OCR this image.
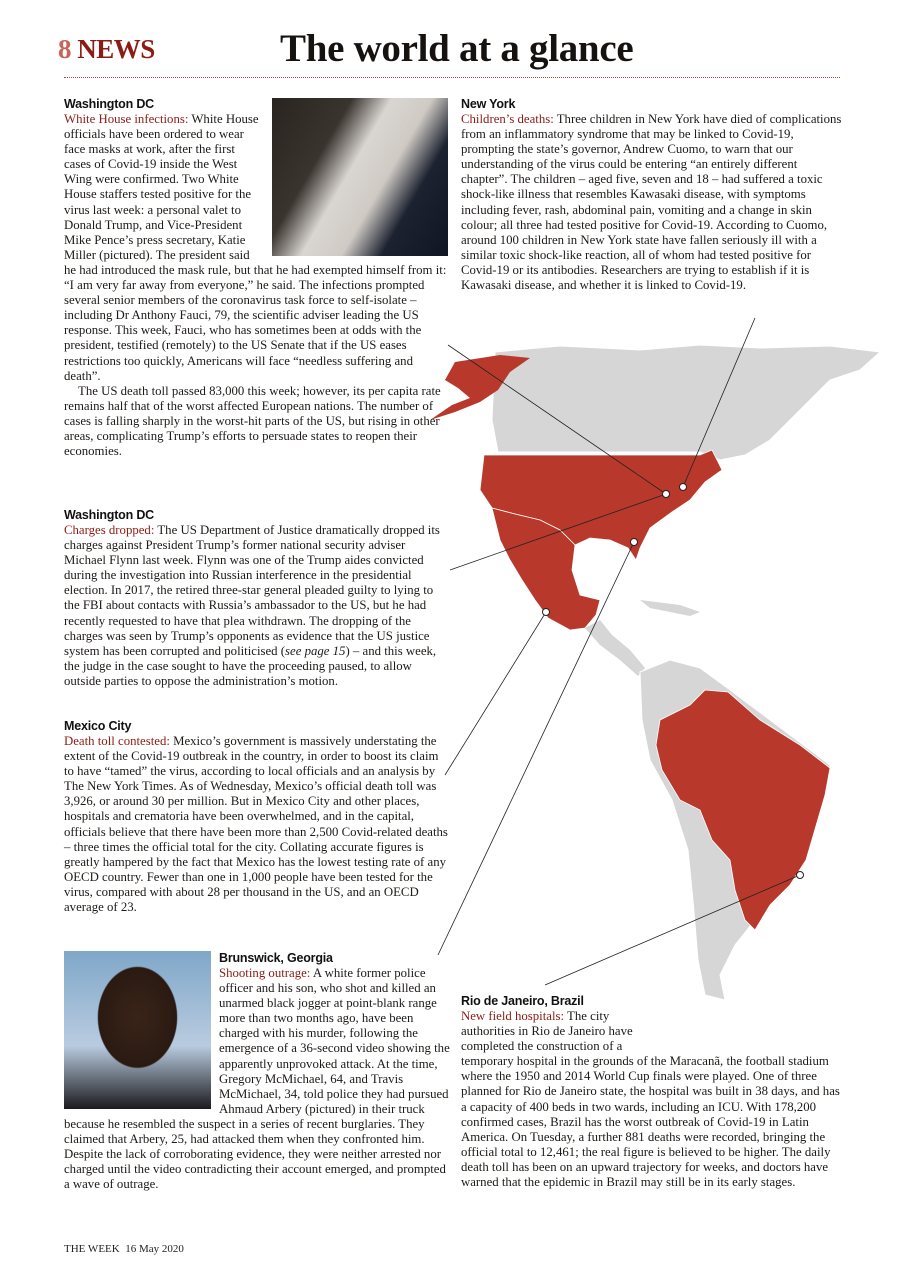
8 NEWS	The world at a glance
Washington DC

White House infections: White House officials have been ordered to wear face masks at work, after the first cases of Covid-19 inside the West Wing were confirmed. Two White House staffers tested positive for the virus last week: a personal valet to Donald Trump, and Vice-President Mike Pence’s press secretary, Katie Miller (pictured). The president said he had introduced the mask rule, but that he had exempted himself from it: “I am very far away from everyone,” he said. The infections prompted several senior members of the coronavirus task force to self-isolate – including Dr Anthony Fauci, 79, the scientific adviser leading the US response. This week, Fauci, who has sometimes been at odds with the president, testified (remotely) to the US Senate that if the US eases restrictions too quickly, Americans will face “needless suffering and death”.

The US death toll passed 83,000 this week; however, its per capita rate remains half that of the worst affected European nations. The number of cases is falling sharply in the worst-hit parts of the US, but rising in other areas, complicating Trump’s efforts to persuade states to reopen their economies.

Washington DC

Charges dropped: The US Department of Justice dramatically dropped its charges against President Trump’s former national security adviser Michael Flynn last week. Flynn was one of the Trump aides convicted during the investigation into Russian interference in the presidential election. In 2017, the retired three-star general pleaded guilty to lying to the FBI about contacts with Russia’s ambassador to the US, but he had recently requested to have that plea withdrawn. The dropping of the charges was seen by Trump’s opponents as evidence that the US justice system has been corrupted and politicised (see page 15) – and this week, the judge in the case sought to have the proceeding paused, to allow outside parties to oppose the administration’s motion.

Mexico City

Death toll contested: Mexico’s government is massively understating the extent of the Covid-19 outbreak in the country, in order to boost its claim to have “tamed” the virus, according to local officials and an analysis by The New York Times. As of Wednesday, Mexico’s official death toll was 3,926, or around 30 per million. But in Mexico City and other places, hospitals and crematoria have been overwhelmed, and in the capital, officials believe that there have been more than 2,500 Covid-related deaths – three times the official total for the city. Collating accurate figures is greatly hampered by the fact that Mexico has the lowest testing rate of any OECD country. Fewer than one in 1,000 people have been tested for the virus, compared with about 28 per thousand in the US, and an OECD average of 23.

Brunswick, Georgia

Shooting outrage: A white former police officer and his son, who shot and killed an unarmed black jogger at point-blank range more than two months ago, have been charged with his murder, following the emergence of a 36-second video showing the apparently unprovoked attack. At the time, Gregory McMichael, 64, and Travis McMichael, 34, told police they had pursued Ahmaud Arbery (pictured) in their truck because he resembled the suspect in a series of recent burglaries. They claimed that Arbery, 25, had attacked them when they confronted him. Despite the lack of corroborating evidence, they were neither arrested nor charged until the video contradicting their account emerged, and prompted a wave of outrage.

New York

Children’s deaths: Three children in New York have died of complications from an inflammatory syndrome that may be linked to Covid-19, prompting the state’s governor, Andrew Cuomo, to warn that our understanding of the virus could be entering “an entirely different chapter”. The children – aged five, seven and 18 – had suffered a toxic shock-like illness that resembles Kawasaki disease, with symptoms including fever, rash, abdominal pain, vomiting and a change in skin colour; all three had tested positive for Covid-19. According to Cuomo, around 100 children in New York state have fallen seriously ill with a similar toxic shock-like reaction, all of whom had tested positive for Covid-19 or its antibodies. Researchers are trying to establish if it is Kawasaki disease, and whether it is linked to Covid-19.

Rio de Janeiro, Brazil

New field hospitals: The city authorities in Rio de Janeiro have completed the construction of a temporary hospital in the grounds of the Maracanã, the football stadium where the 1950 and 2014 World Cup finals were played. One of three planned for Rio de Janeiro state, the hospital was built in 38 days, and has a capacity of 400 beds in two wards, including an ICU. With 178,200 confirmed cases, Brazil has the worst outbreak of Covid-19 in Latin America. On Tuesday, a further 881 deaths were recorded, bringing the official total to 12,461; the real figure is believed to be higher. The daily death toll has been on an upward trajectory for weeks, and doctors have warned that the epidemic in Brazil may still be in its early stages.

THE WEEK 16 May 2020
